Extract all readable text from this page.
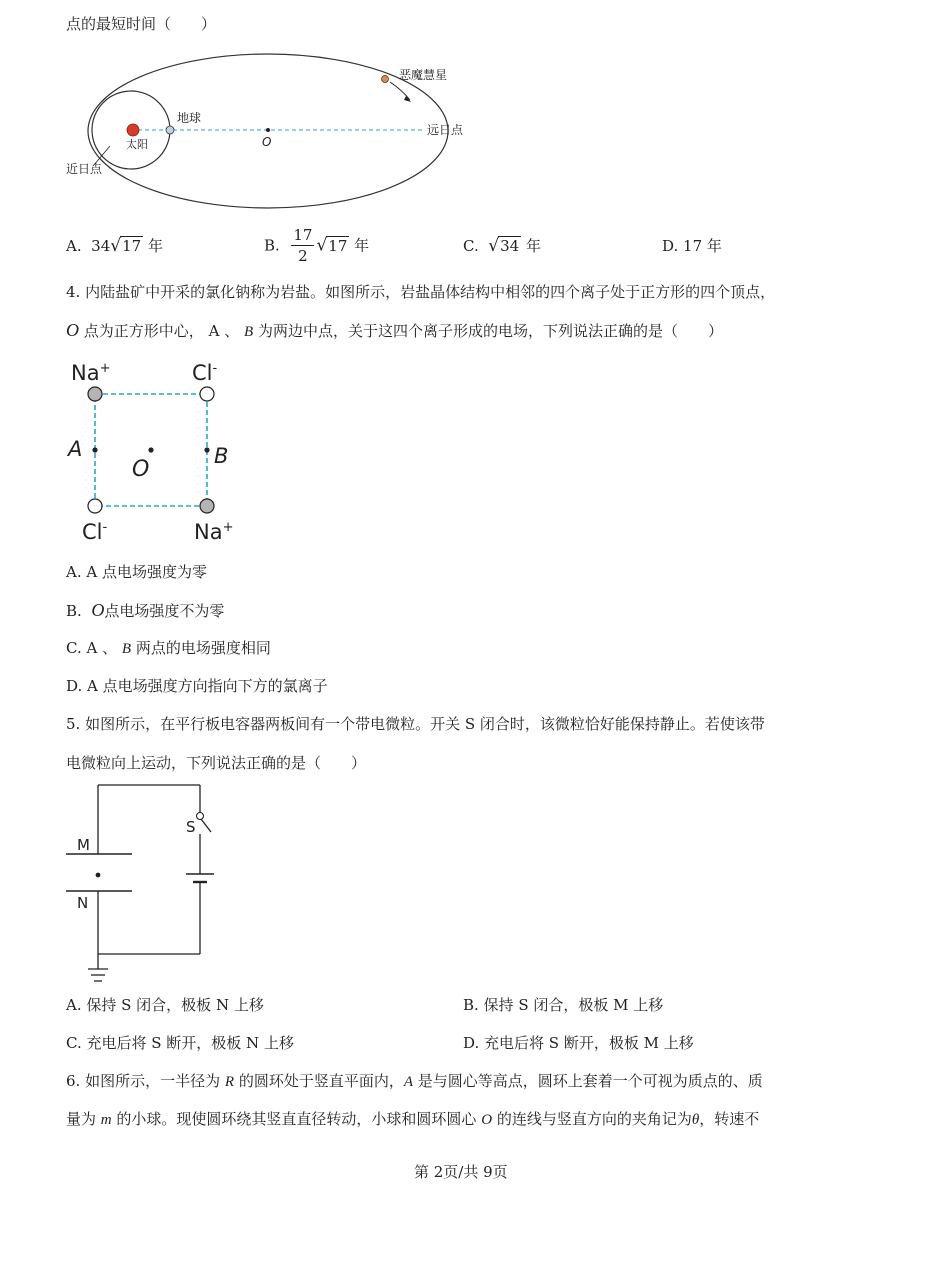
点的最短时间（　　）
恶魔慧星
地球
远日点
太阳	O
近日点
A. 34√17 年	B. $\frac{17}{2} √17$ 年	C. √34 年	D. 17 年
4. 内陆盐矿中开采的氯化钠称为岩盐。如图所示，岩盐晶体结构中相邻的四个离子处于正方形的四个顶点，
O 点为正方形中心， A 、 B 为两边中点，关于这四个离子形成的电场，下列说法正确的是（　　）
Na+	Cl-
Cl-	Na+
A	B
O
A. A 点电场强度为零
B. O点电场强度不为零
C. A 、 B 两点的电场强度相同
D. A 点电场强度方向指向下方的氯离子
5. 如图所示，在平行板电容器两板间有一个带电微粒。开关 S 闭合时，该微粒恰好能保持静止。若使该带
电微粒向上运动，下列说法正确的是（　　）
S
M
N
A. 保持 S 闭合，极板 N 上移	B. 保持 S 闭合，极板 M 上移
C. 充电后将 S 断开，极板 N 上移	D. 充电后将 S 断开，极板 M 上移
6. 如图所示，一半径为 R 的圆环处于竖直平面内，A 是与圆心等高点，圆环上套着一个可视为质点的、质
量为 m 的小球。现使圆环绕其竖直直径转动，小球和圆环圆心 O 的连线与竖直方向的夹角记为θ，转速不
第 2页/共 9页
